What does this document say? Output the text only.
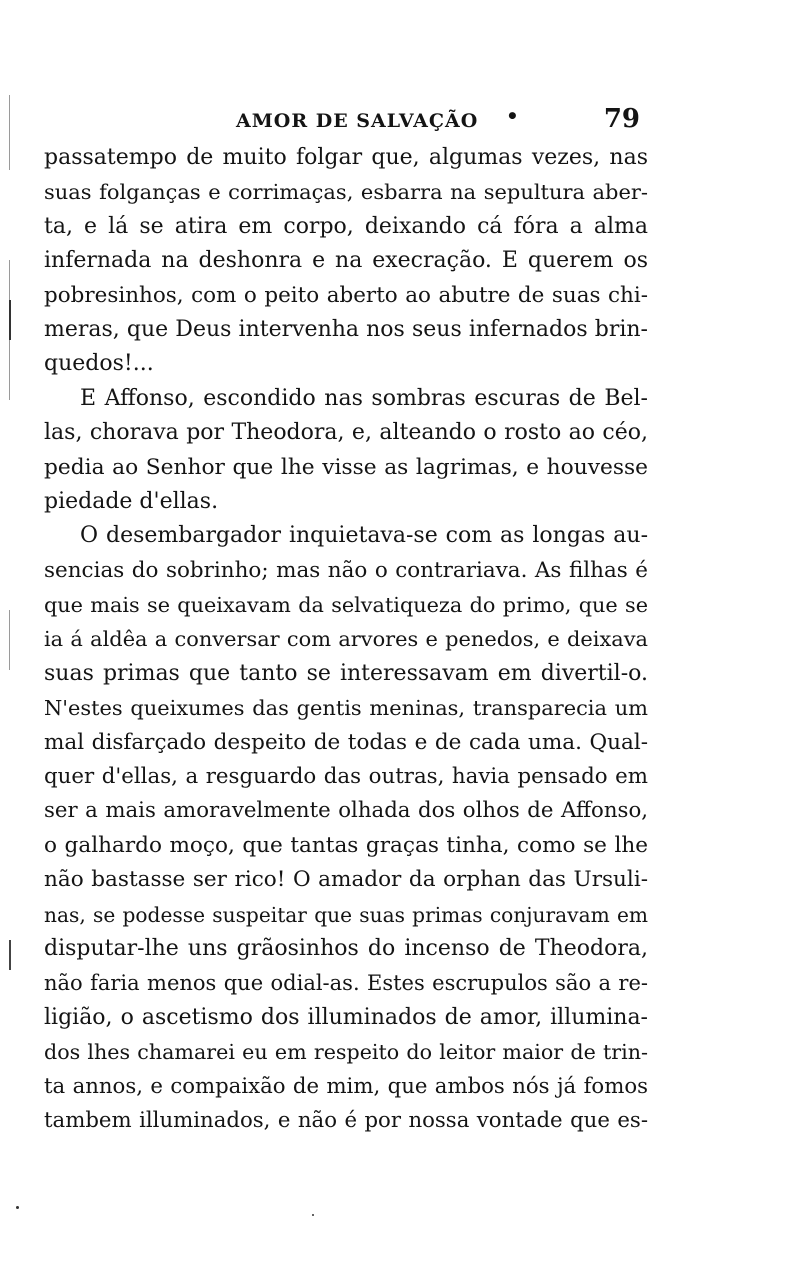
AMOR DE SALVAÇÃO •	79
passatempo de muito folgar que, algumas vezes, nas
suas folganças e corrimaças, esbarra na sepultura aber-
ta, e lá se atira em corpo, deixando cá fóra a alma
infernada na deshonra e na execração. E querem os
pobresinhos, com o peito aberto ao abutre de suas chi-
meras, que Deus intervenha nos seus infernados brin-
quedos!...
E Affonso, escondido nas sombras escuras de Bel-
las, chorava por Theodora, e, alteando o rosto ao céo,
pedia ao Senhor que lhe visse as lagrimas, e houvesse
piedade d'ellas.
O desembargador inquietava-se com as longas au-
sencias do sobrinho; mas não o contrariava. As filhas é
que mais se queixavam da selvatiqueza do primo, que se
ia á aldêa a conversar com arvores e penedos, e deixava
suas primas que tanto se interessavam em divertil-o.
N'estes queixumes das gentis meninas, transparecia um
mal disfarçado despeito de todas e de cada uma. Qual-
quer d'ellas, a resguardo das outras, havia pensado em
ser a mais amoravelmente olhada dos olhos de Affonso,
o galhardo moço, que tantas graças tinha, como se lhe
não bastasse ser rico! O amador da orphan das Ursuli-
nas, se podesse suspeitar que suas primas conjuravam em
disputar-lhe uns grãosinhos do incenso de Theodora,
não faria menos que odial-as. Estes escrupulos são a re-
ligião, o ascetismo dos illuminados de amor, illumina-
dos lhes chamarei eu em respeito do leitor maior de trin-
ta annos, e compaixão de mim, que ambos nós já fomos
tambem illuminados, e não é por nossa vontade que es-
